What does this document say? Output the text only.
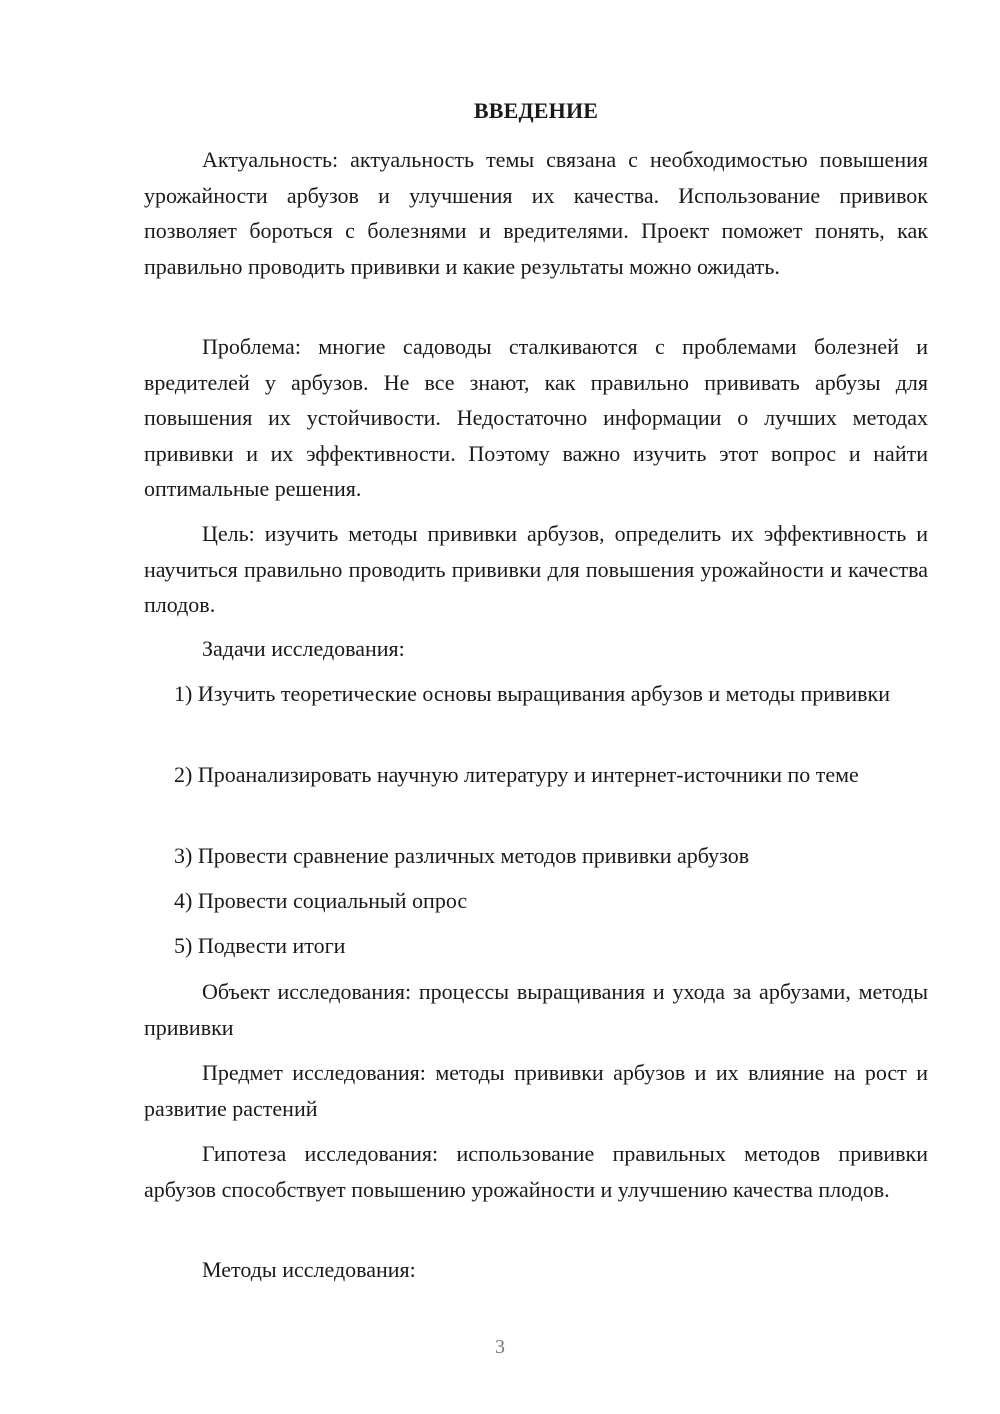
ВВЕДЕНИЕ

Актуальность: актуальность темы связана с необходимостью повышения урожайности арбузов и улучшения их качества. Использование прививок позволяет бороться с болезнями и вредителями. Проект поможет понять, как правильно проводить прививки и какие результаты можно ожидать.

Проблема: многие садоводы сталкиваются с проблемами болезней и вредителей у арбузов. Не все знают, как правильно прививать арбузы для повышения их устойчивости. Недостаточно информации о лучших методах прививки и их эффективности. Поэтому важно изучить этот вопрос и найти оптимальные решения.

Цель: изучить методы прививки арбузов, определить их эффективность и научиться правильно проводить прививки для повышения урожайности и качества плодов.

Задачи исследования:

1) Изучить теоретические основы выращивания арбузов и методы прививки

2) Проанализировать научную литературу и интернет-источники по теме

3) Провести сравнение различных методов прививки арбузов

4) Провести социальный опрос

5) Подвести итоги

Объект исследования: процессы выращивания и ухода за арбузами, методы прививки

Предмет исследования: методы прививки арбузов и их влияние на рост и развитие растений

Гипотеза исследования: использование правильных методов прививки арбузов способствует повышению урожайности и улучшению качества плодов.

Методы исследования:

3
